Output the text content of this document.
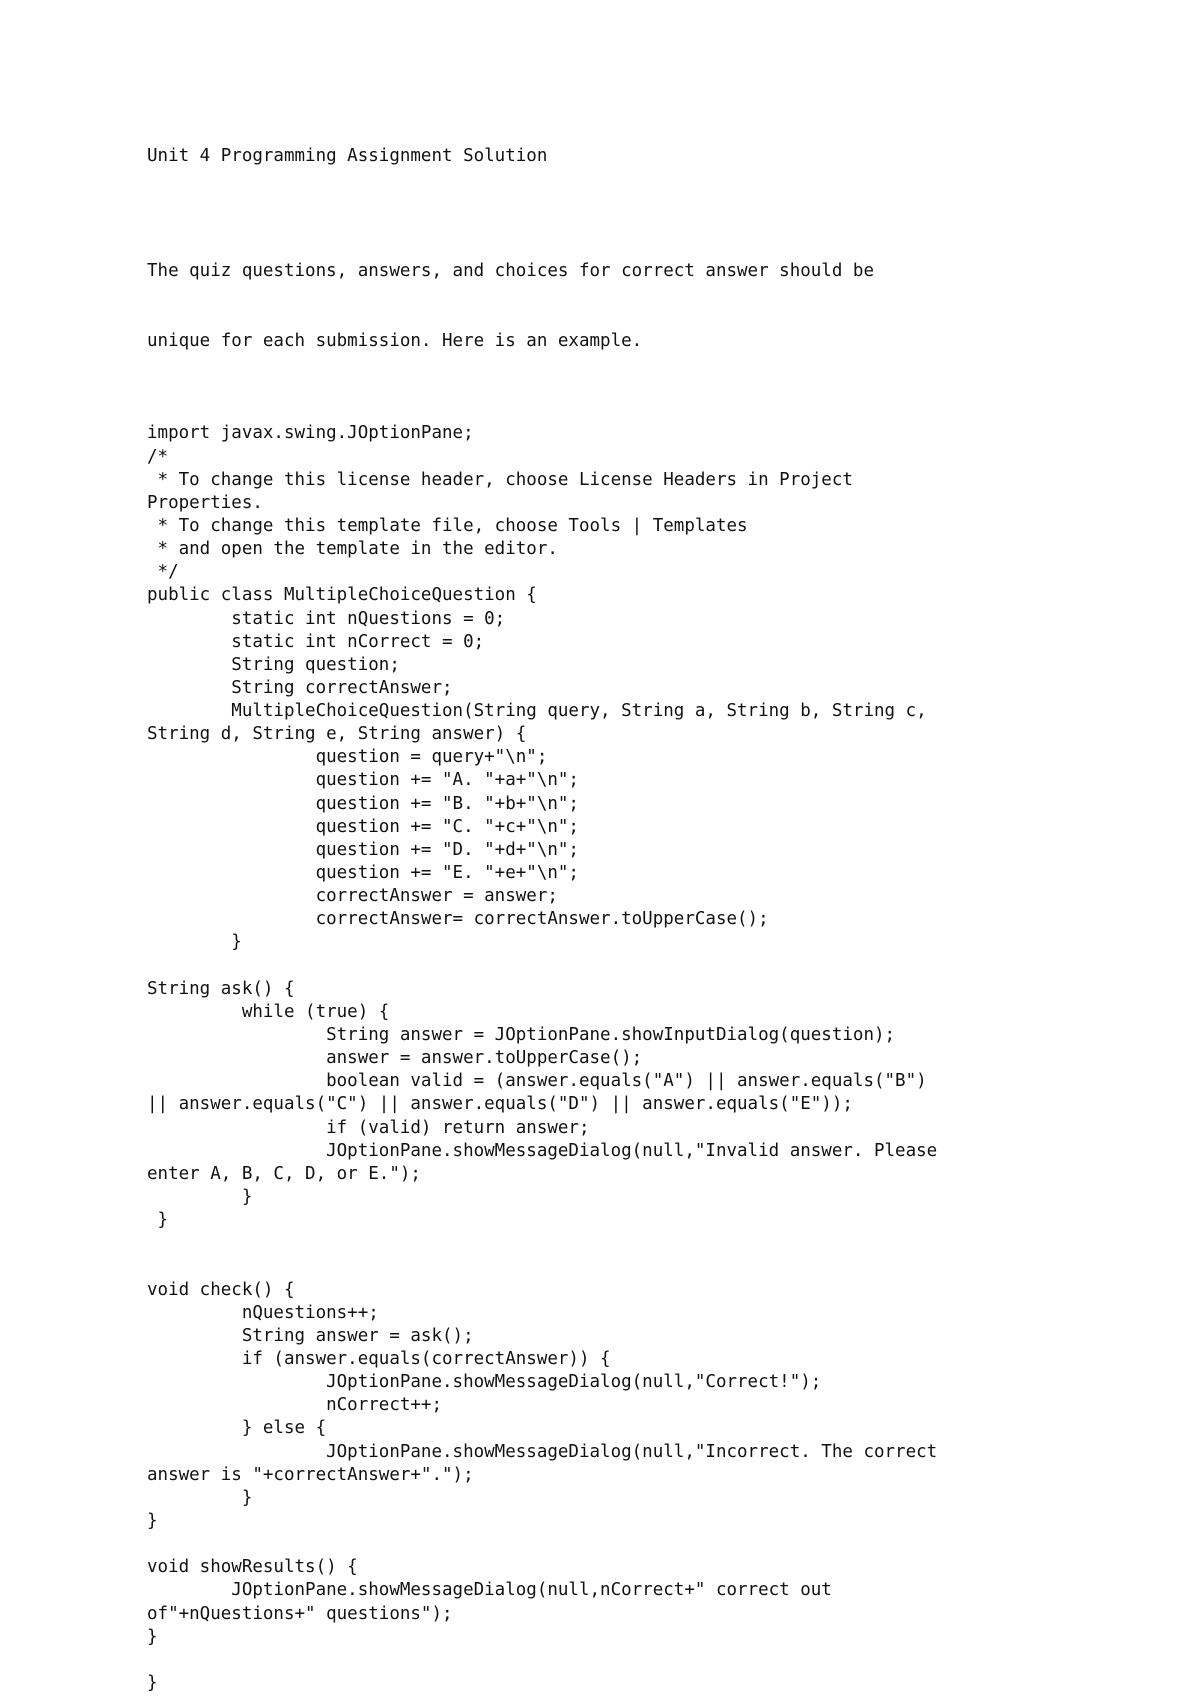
Unit 4 Programming Assignment Solution

The quiz questions, answers, and choices for correct answer should be

unique for each submission. Here is an example.

import javax.swing.JOptionPane;
/*
* To change this license header, choose License Headers in Project
Properties.
* To change this template file, choose Tools | Templates
* and open the template in the editor.
*/
public class MultipleChoiceQuestion {
static int nQuestions = 0;
static int nCorrect = 0;
String question;
String correctAnswer;
MultipleChoiceQuestion(String query, String a, String b, String c,
String d, String e, String answer) {
question = query+"\n";
question += "A. "+a+"\n";
question += "B. "+b+"\n";
question += "C. "+c+"\n";
question += "D. "+d+"\n";
question += "E. "+e+"\n";
correctAnswer = answer;
correctAnswer= correctAnswer.toUpperCase();
}
String ask() {
while (true) {
String answer = JOptionPane.showInputDialog(question);
answer = answer.toUpperCase();
boolean valid = (answer.equals("A") || answer.equals("B")
|| answer.equals("C") || answer.equals("D") || answer.equals("E"));
if (valid) return answer;
JOptionPane.showMessageDialog(null,"Invalid answer. Please
enter A, B, C, D, or E.");
}
}
void check() {
nQuestions++;
String answer = ask();
if (answer.equals(correctAnswer)) {
JOptionPane.showMessageDialog(null,"Correct!");
nCorrect++;
} else {
JOptionPane.showMessageDialog(null,"Incorrect. The correct
answer is "+correctAnswer+".");
}
}
void showResults() {
JOptionPane.showMessageDialog(null,nCorrect+" correct out
of"+nQuestions+" questions");
}
}
